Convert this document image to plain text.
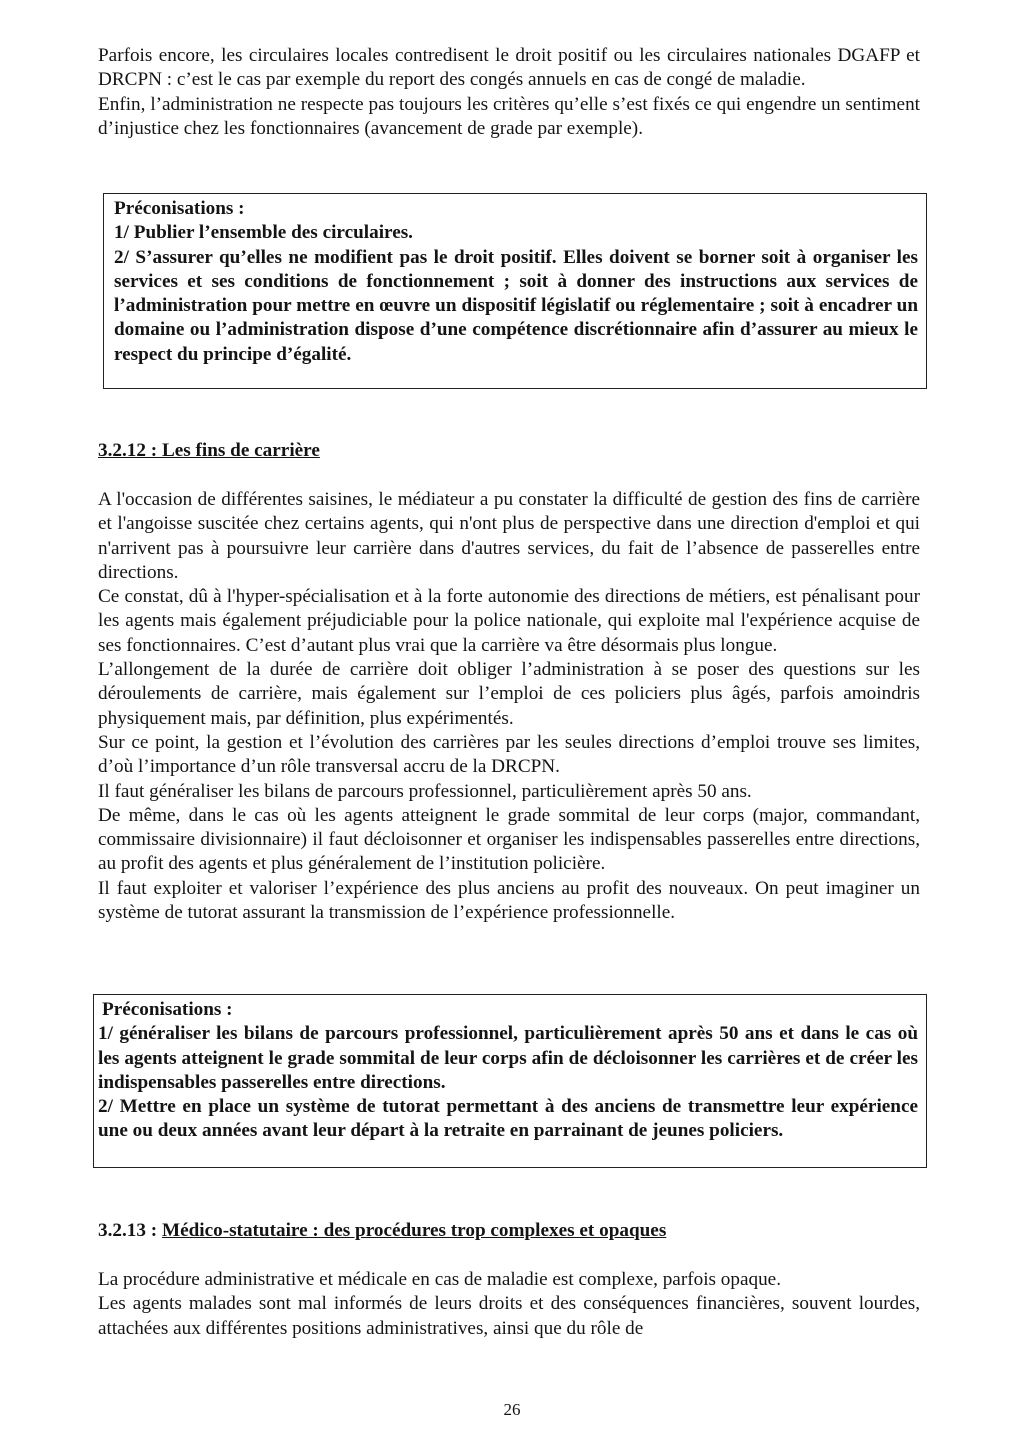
Parfois encore, les circulaires locales contredisent le droit positif ou les circulaires nationales DGAFP et DRCPN : c’est le cas par exemple du report des congés annuels en cas de congé de maladie.

Enfin, l’administration ne respecte pas toujours les critères qu’elle s’est fixés ce qui engendre un sentiment d’injustice chez les fonctionnaires (avancement de grade par exemple).

Préconisations :

1/ Publier l’ensemble des circulaires.

2/ S’assurer qu’elles ne modifient pas le droit positif. Elles doivent se borner soit à organiser les services et ses conditions de fonctionnement ; soit à donner des instructions aux services de l’administration pour mettre en œuvre un dispositif législatif ou réglementaire ; soit à encadrer un domaine ou l’administration dispose d’une compétence discrétionnaire afin d’assurer au mieux le respect du principe d’égalité.

3.2.12 : Les fins de carrière

A l'occasion de différentes saisines, le médiateur a pu constater la difficulté de gestion des fins de carrière et l'angoisse suscitée chez certains agents, qui n'ont plus de perspective dans une direction d'emploi et qui n'arrivent pas à poursuivre leur carrière dans d'autres services, du fait de l’absence de passerelles entre directions.

Ce constat, dû à l'hyper-spécialisation et à la forte autonomie des directions de métiers, est pénalisant pour les agents mais également préjudiciable pour la police nationale, qui exploite mal l'expérience acquise de ses fonctionnaires. C’est d’autant plus vrai que la carrière va être désormais plus longue.

L’allongement de la durée de carrière doit obliger l’administration à se poser des questions sur les déroulements de carrière, mais également sur l’emploi de ces policiers plus âgés, parfois amoindris physiquement mais, par définition, plus expérimentés.

Sur ce point, la gestion et l’évolution des carrières par les seules directions d’emploi trouve ses limites, d’où l’importance d’un rôle transversal accru de la DRCPN.

Il faut généraliser les bilans de parcours professionnel, particulièrement après 50 ans.

De même, dans le cas où les agents atteignent le grade sommital de leur corps (major, commandant, commissaire divisionnaire) il faut décloisonner et organiser les indispensables passerelles entre directions, au profit des agents et plus généralement de l’institution policière.

Il faut exploiter et valoriser l’expérience des plus anciens au profit des nouveaux. On peut imaginer un système de tutorat assurant la transmission de l’expérience professionnelle.

Préconisations :

1/ généraliser les bilans de parcours professionnel, particulièrement après 50 ans et dans le cas où les agents atteignent le grade sommital de leur corps afin de décloisonner les carrières et de créer les indispensables passerelles entre directions.

2/ Mettre en place un système de tutorat permettant à des anciens de transmettre leur expérience une ou deux années avant leur départ à la retraite en parrainant de jeunes policiers.

3.2.13 : Médico-statutaire : des procédures trop complexes et opaques

La procédure administrative et médicale en cas de maladie est complexe, parfois opaque.

Les agents malades sont mal informés de leurs droits et des conséquences financières, souvent lourdes, attachées aux différentes positions administratives, ainsi que du rôle de

26
